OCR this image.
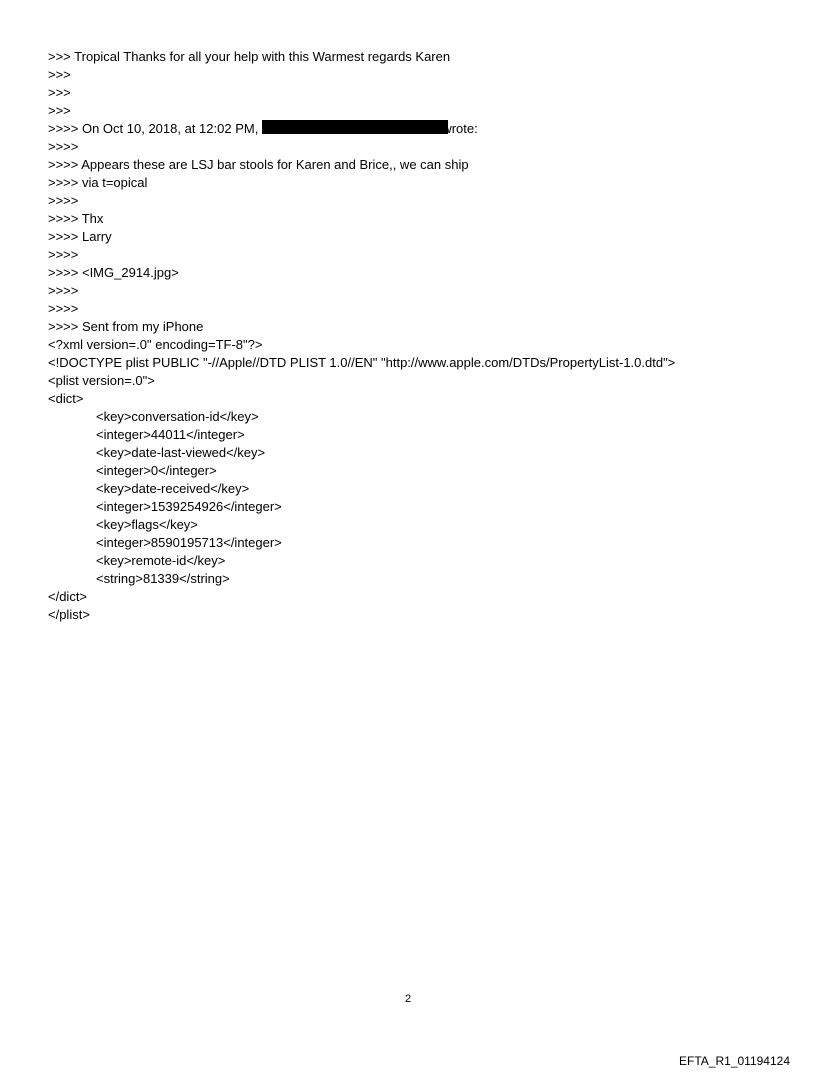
>>> Tropical Thanks for all your help with this Warmest regards Karen
>>>
>>>
>>>
>>>> On Oct 10, 2018, at 12:02 PM,	wrote:
>>>>
>>>> Appears these are LSJ bar stools for Karen and Brice,, we can ship
>>>> via t=opical
>>>>
>>>> Thx
>>>> Larry
>>>>
>>>> <IMG_2914.jpg>
>>>>
>>>>
>>>> Sent from my iPhone
<?xml version=.0" encoding=TF-8"?>
<!DOCTYPE plist PUBLIC "-//Apple//DTD PLIST 1.0//EN" "http://www.apple.com/DTDs/PropertyList-1.0.dtd">
<plist version=.0">
<dict>
<key>conversation-id</key>
<integer>44011</integer>
<key>date-last-viewed</key>
<integer>0</integer>
<key>date-received</key>
<integer>1539254926</integer>
<key>flags</key>
<integer>8590195713</integer>
<key>remote-id</key>
<string>81339</string>
</dict>
</plist>
2
EFTA_R1_01194124
